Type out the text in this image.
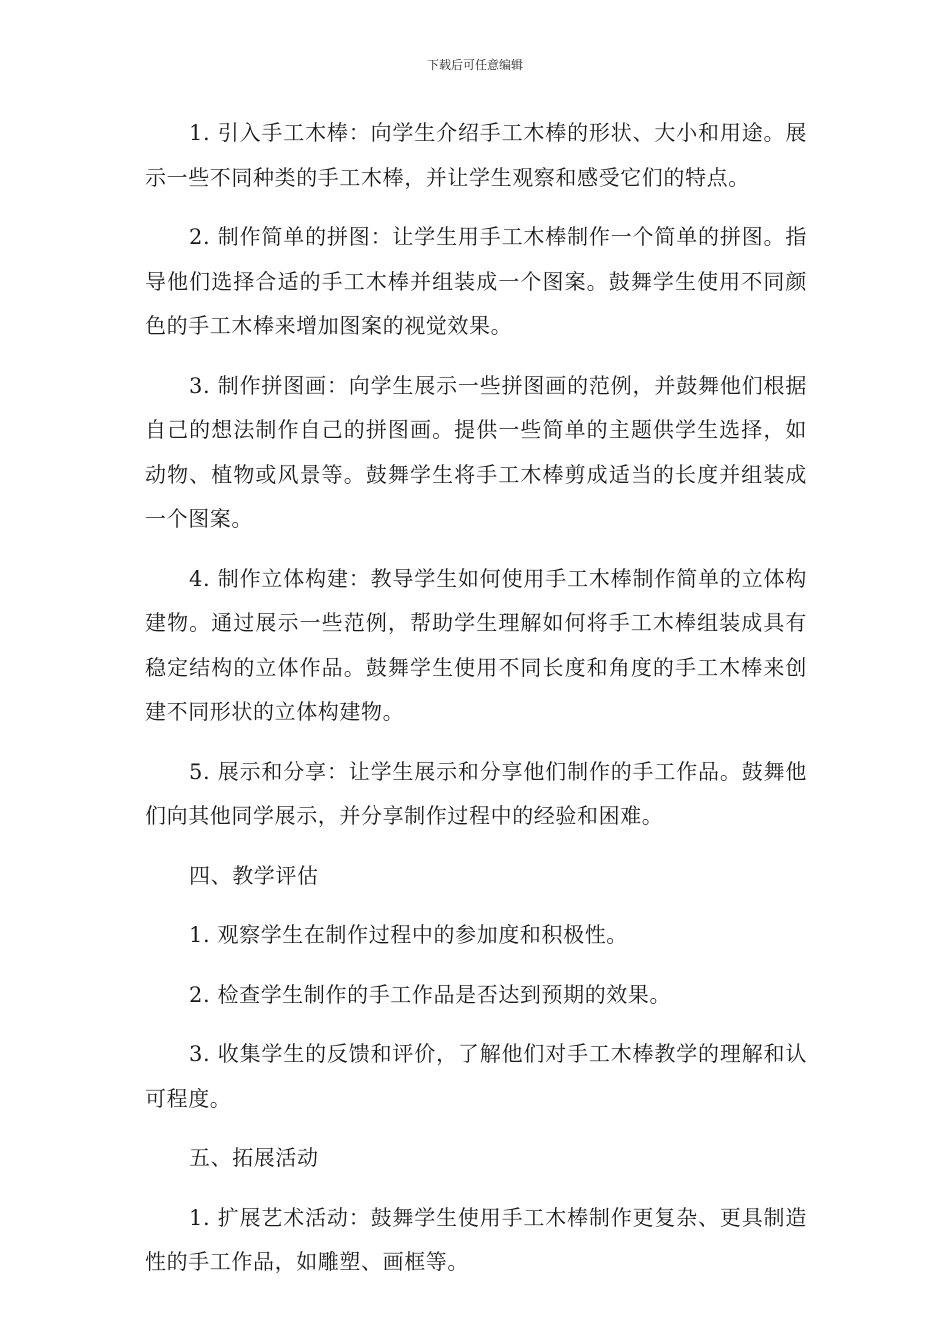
下载后可任意编辑

1. 引入手工木棒：向学生介绍手工木棒的形状、大小和用途。展示一些不同种类的手工木棒，并让学生观察和感受它们的特点。

2. 制作简单的拼图：让学生用手工木棒制作一个简单的拼图。指导他们选择合适的手工木棒并组装成一个图案。鼓舞学生使用不同颜色的手工木棒来增加图案的视觉效果。

3. 制作拼图画：向学生展示一些拼图画的范例，并鼓舞他们根据自己的想法制作自己的拼图画。提供一些简单的主题供学生选择，如动物、植物或风景等。鼓舞学生将手工木棒剪成适当的长度并组装成一个图案。

4. 制作立体构建：教导学生如何使用手工木棒制作简单的立体构建物。通过展示一些范例，帮助学生理解如何将手工木棒组装成具有稳定结构的立体作品。鼓舞学生使用不同长度和角度的手工木棒来创建不同形状的立体构建物。

5. 展示和分享：让学生展示和分享他们制作的手工作品。鼓舞他们向其他同学展示，并分享制作过程中的经验和困难。

四、教学评估

1. 观察学生在制作过程中的参加度和积极性。

2. 检查学生制作的手工作品是否达到预期的效果。

3. 收集学生的反馈和评价，了解他们对手工木棒教学的理解和认可程度。

五、拓展活动

1. 扩展艺术活动：鼓舞学生使用手工木棒制作更复杂、更具制造性的手工作品，如雕塑、画框等。
